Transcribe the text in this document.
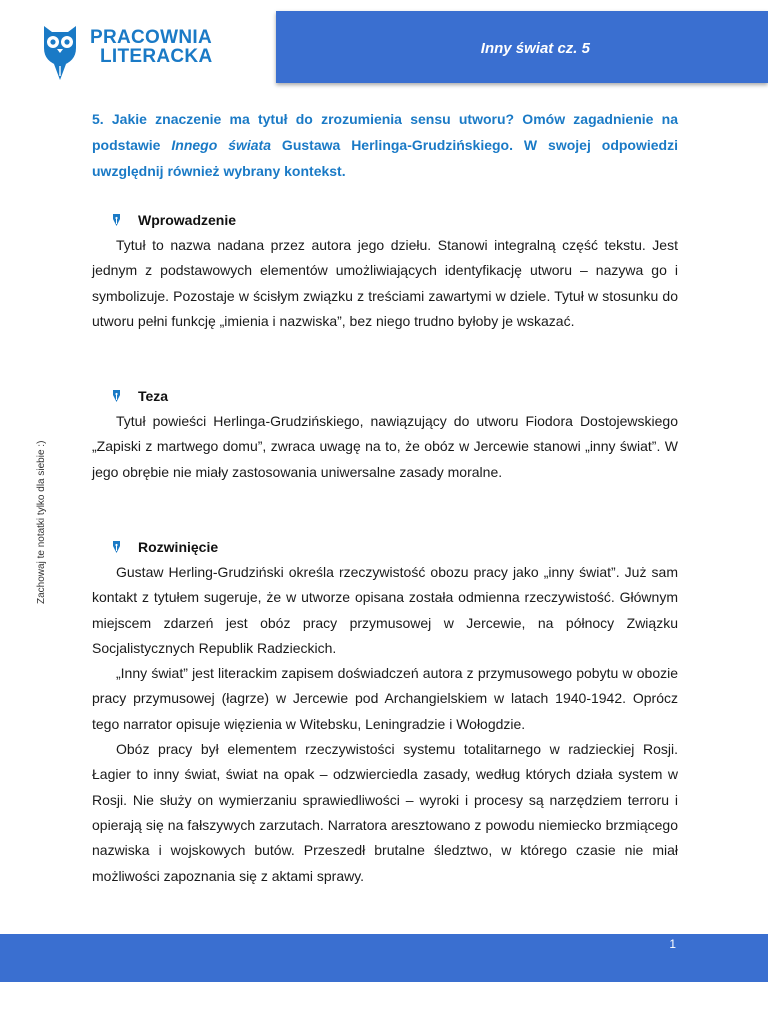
Inny świat cz. 5
PRACOWNIA
LITERACKA
5. Jakie znaczenie ma tytuł do zrozumienia sensu utworu? Omów zagadnienie na podstawie Innego świata Gustawa Herlinga-Grudzińskiego. W swojej odpowiedzi uwzględnij również wybrany kontekst.
Wprowadzenie

Tytuł to nazwa nadana przez autora jego dziełu. Stanowi integralną część tekstu. Jest jednym z podstawowych elementów umożliwiających identyfikację utworu – nazywa go i symbolizuje. Pozostaje w ścisłym związku z treściami zawartymi w dziele. Tytuł w stosunku do utworu pełni funkcję „imienia i nazwiska”, bez niego trudno byłoby je wskazać.

Teza

Tytuł powieści Herlinga-Grudzińskiego, nawiązujący do utworu Fiodora Dostojewskiego „Zapiski z martwego domu”, zwraca uwagę na to, że obóz w Jercewie stanowi „inny świat”. W jego obrębie nie miały zastosowania uniwersalne zasady moralne.

Rozwinięcie

Gustaw Herling-Grudziński określa rzeczywistość obozu pracy jako „inny świat”. Już sam kontakt z tytułem sugeruje, że w utworze opisana została odmienna rzeczywistość. Głównym miejscem zdarzeń jest obóz pracy przymusowej w Jercewie, na północy Związku Socjalistycznych Republik Radzieckich.

„Inny świat” jest literackim zapisem doświadczeń autora z przymusowego pobytu w obozie pracy przymusowej (łagrze) w Jercewie pod Archangielskiem w latach 1940-1942. Oprócz tego narrator opisuje więzienia w Witebsku, Leningradzie i Wołogdzie.

Obóz pracy był elementem rzeczywistości systemu totalitarnego w radzieckiej Rosji. Łagier to inny świat, świat na opak – odzwierciedla zasady, według których działa system w Rosji. Nie służy on wymierzaniu sprawiedliwości – wyroki i procesy są narzędziem terroru i opierają się na fałszywych zarzutach. Narratora aresztowano z powodu niemiecko brzmiącego nazwiska i wojskowych butów. Przeszedł brutalne śledztwo, w którego czasie nie miał możliwości zapoznania się z aktami sprawy.

Zachowaj te notatki tylko dla siebie :)
1
